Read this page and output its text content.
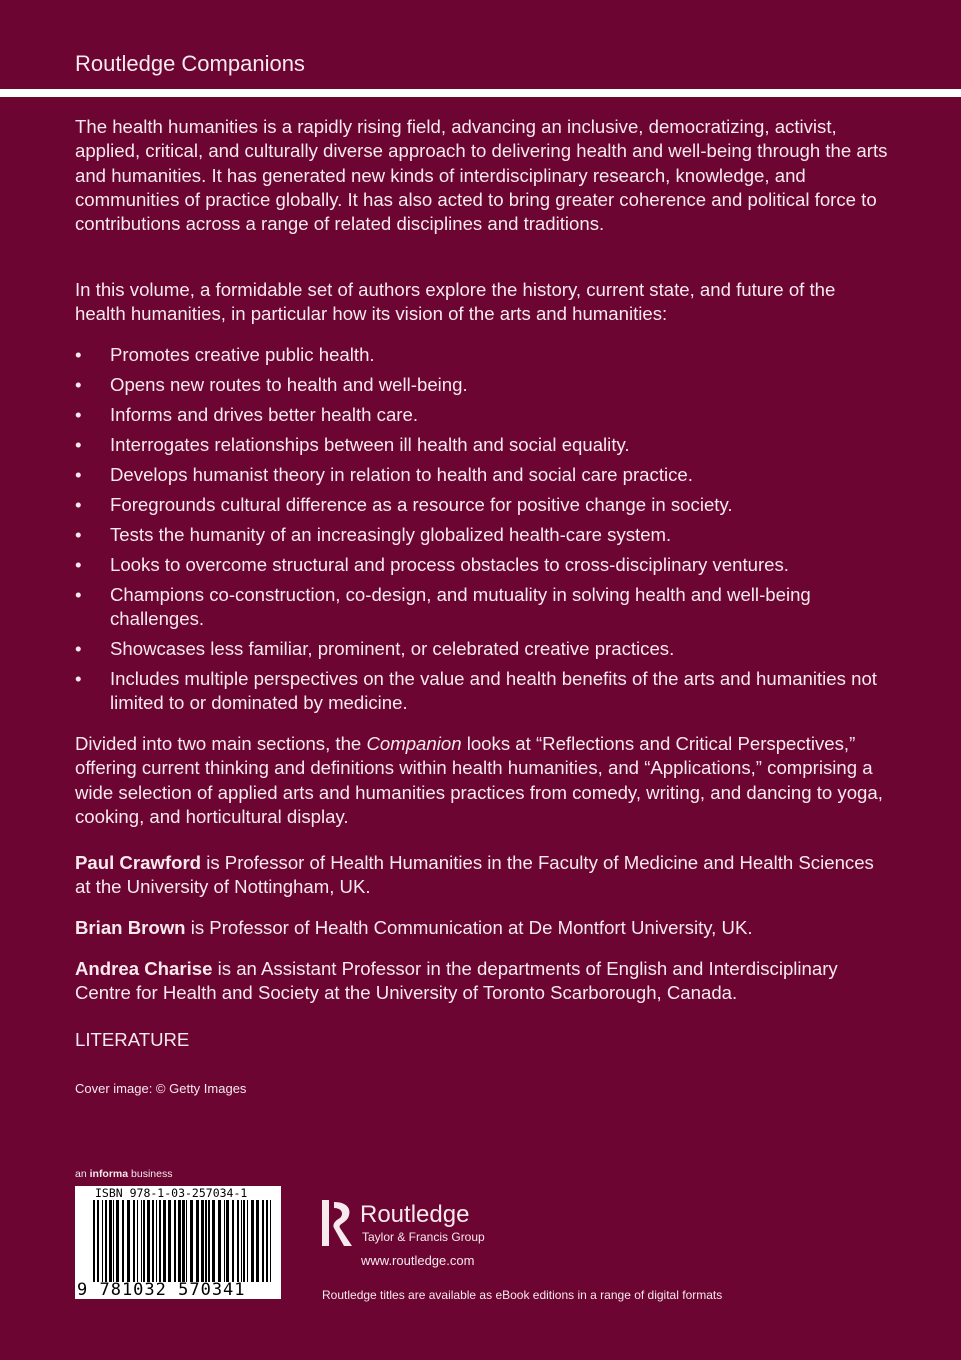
Routledge Companions

The health humanities is a rapidly rising field, advancing an inclusive, democratizing, activist, applied, critical, and culturally diverse approach to delivering health and well-being through the arts and humanities. It has generated new kinds of interdisciplinary research, knowledge, and communities of practice globally. It has also acted to bring greater coherence and political force to contributions across a range of related disciplines and traditions.

In this volume, a formidable set of authors explore the history, current state, and future of the health humanities, in particular how its vision of the arts and humanities:

• Promotes creative public health.
• Opens new routes to health and well-being.
• Informs and drives better health care.
• Interrogates relationships between ill health and social equality.
• Develops humanist theory in relation to health and social care practice.
• Foregrounds cultural difference as a resource for positive change in society.
• Tests the humanity of an increasingly globalized health-care system.
• Looks to overcome structural and process obstacles to cross-disciplinary ventures.
• Champions co-construction, co-design, and mutuality in solving health and well-being challenges.
• Showcases less familiar, prominent, or celebrated creative practices.
• Includes multiple perspectives on the value and health benefits of the arts and humanities not limited to or dominated by medicine.

Divided into two main sections, the Companion looks at “Reflections and Critical Perspectives,” offering current thinking and definitions within health humanities, and “Applications,” comprising a wide selection of applied arts and humanities practices from comedy, writing, and dancing to yoga, cooking, and horticultural display.

Paul Crawford is Professor of Health Humanities in the Faculty of Medicine and Health Sciences at the University of Nottingham, UK.

Brian Brown is Professor of Health Communication at De Montfort University, UK.

Andrea Charise is an Assistant Professor in the departments of English and Interdisciplinary Centre for Health and Society at the University of Toronto Scarborough, Canada.

LITERATURE

Cover image: © Getty Images
an informa business
ISBN 978-1-03-257034-1
9 781032 570341
Routledge
Taylor & Francis Group
www.routledge.com
Routledge titles are available as eBook editions in a range of digital formats
